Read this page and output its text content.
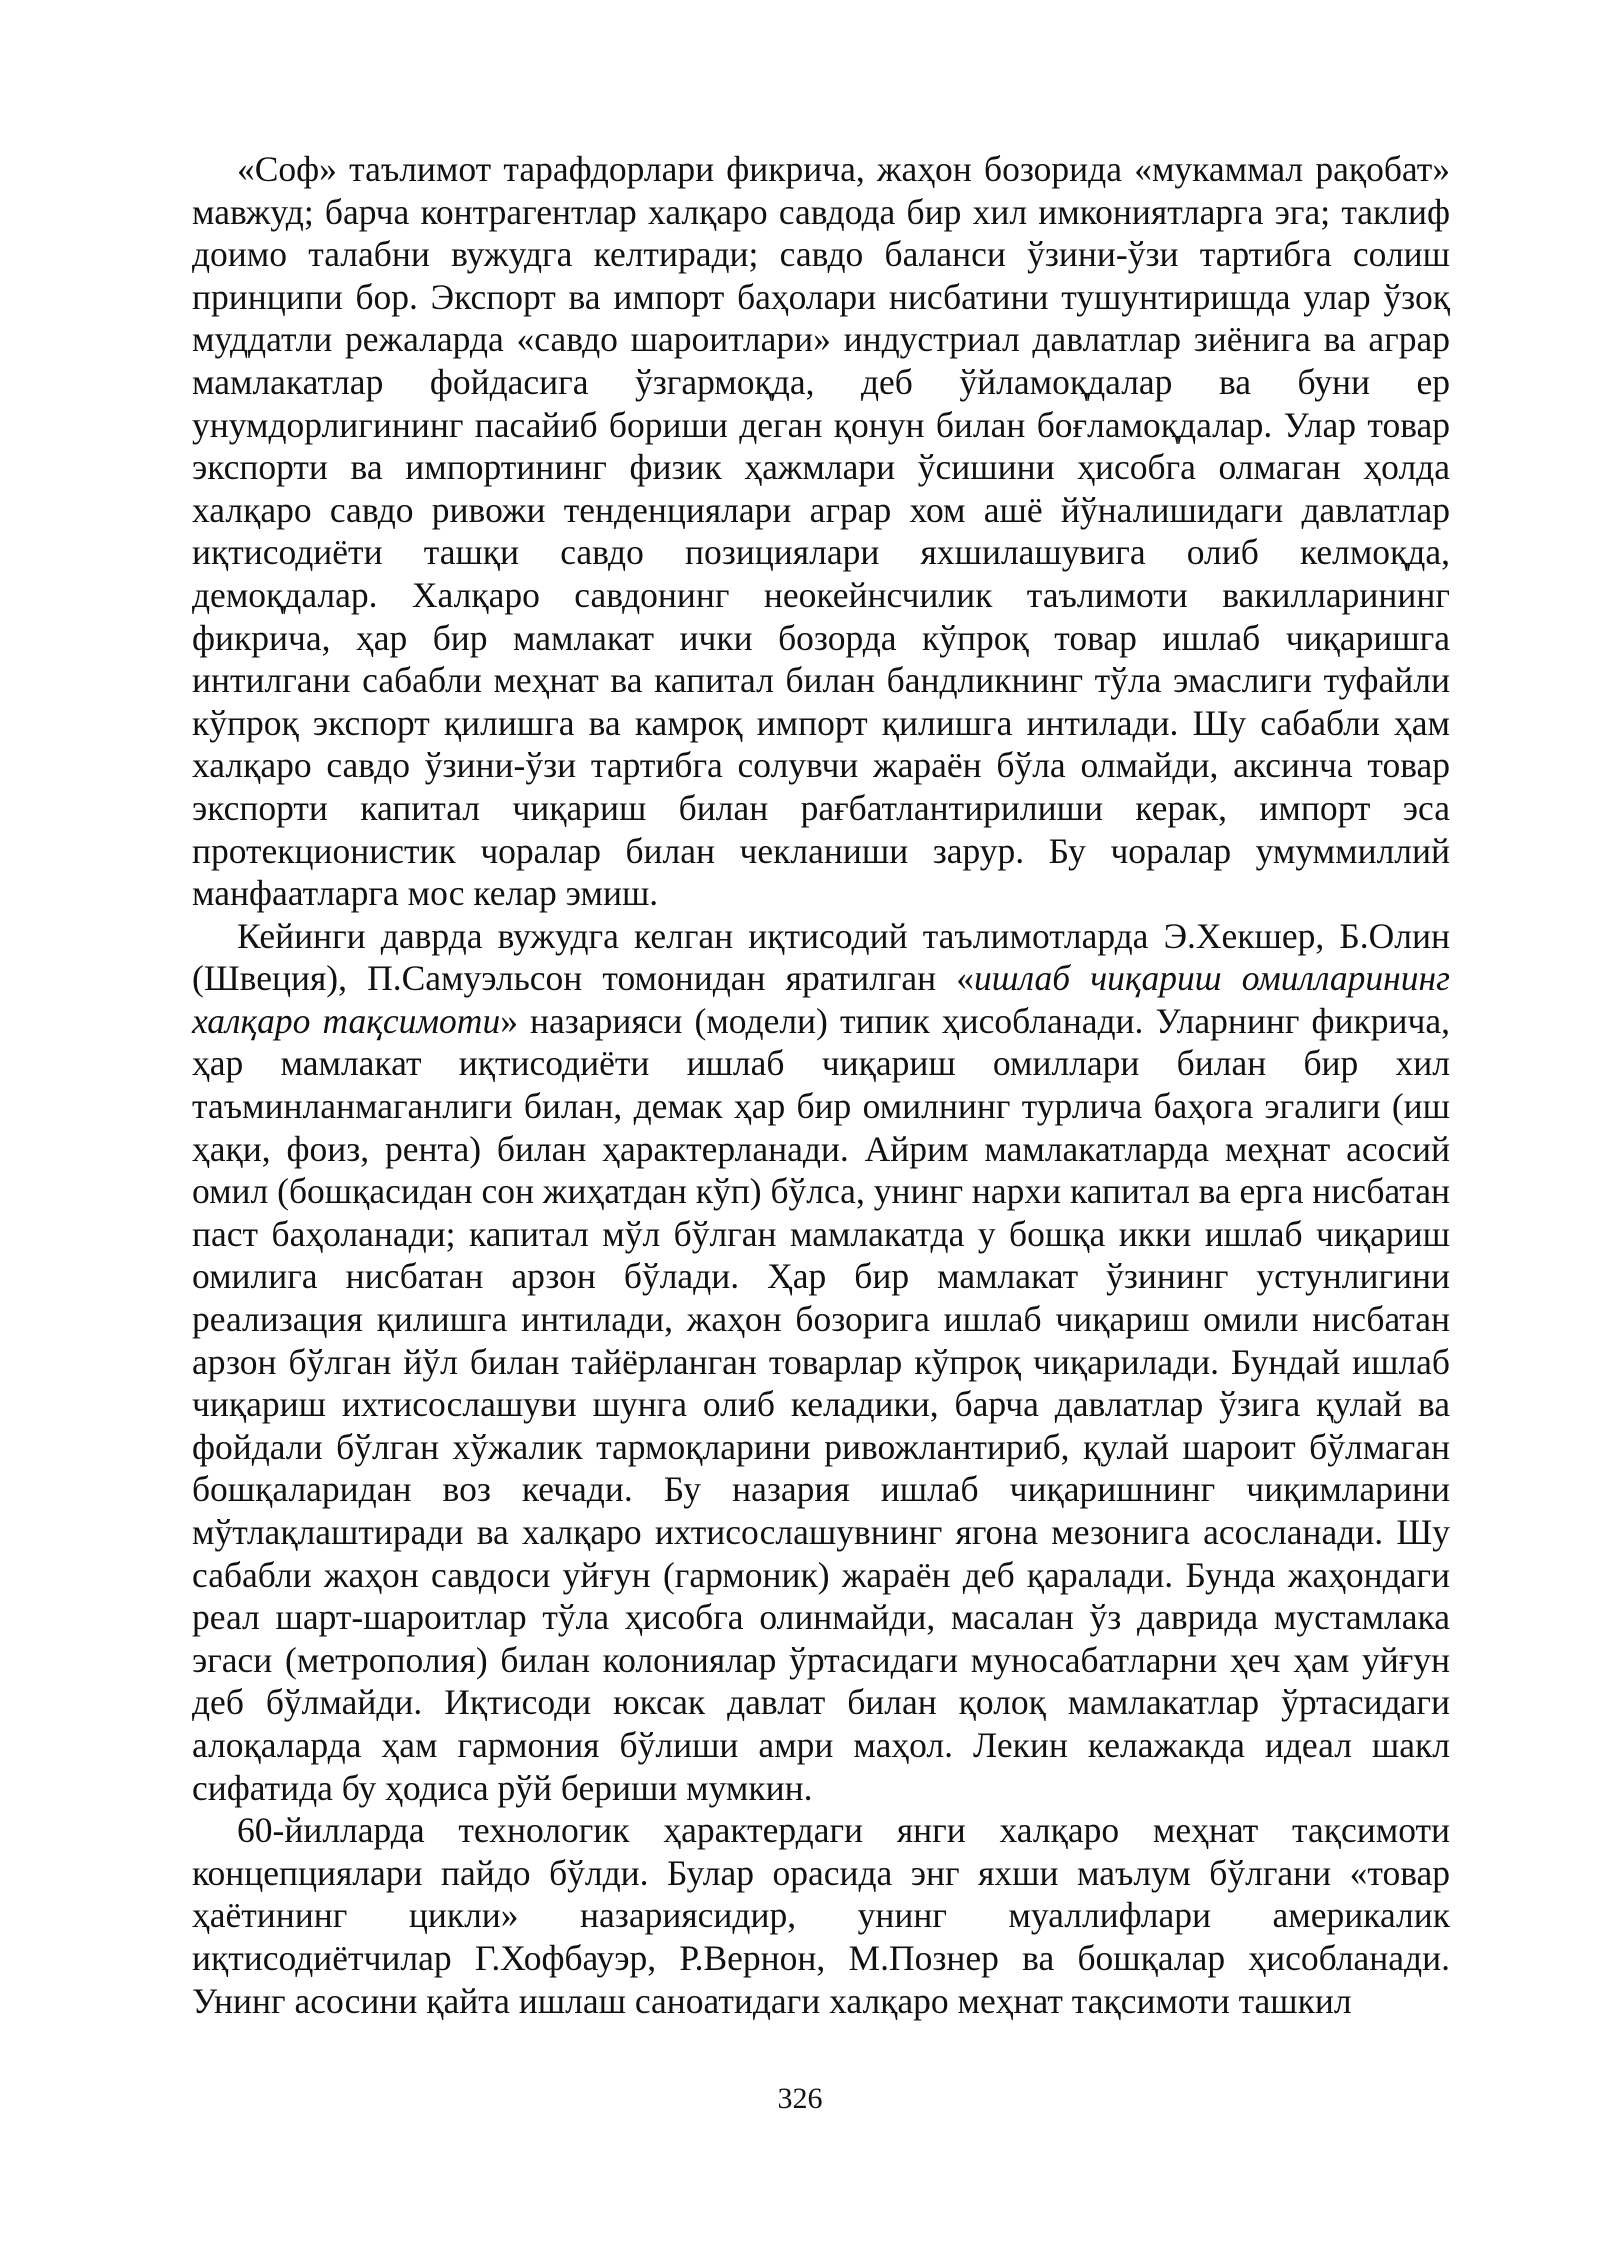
«Соф» таълимот тарафдорлари фикрича, жаҳон бозорида «мукаммал рақобат» мавжуд; барча контрагентлар халқаро савдода бир хил имкониятларга эга; таклиф доимо талабни вужудга келтиради; савдо баланси ўзини-ўзи тартибга солиш принципи бор. Экспорт ва импорт баҳолари нисбатини тушунтиришда улар ўзоқ муддатли режаларда «савдо шароитлари» индустриал давлатлар зиёнига ва аграр мамлакатлар фойдасига ўзгармоқда, деб ўйламоқдалар ва буни ер унумдорлигининг пасайиб бориши деган қонун билан боғламоқдалар. Улар товар экспорти ва импортининг физик ҳажмлари ўсишини ҳисобга олмаган ҳолда халқаро савдо ривожи тенденциялари аграр хом ашё йўналишидаги давлатлар иқтисодиёти ташқи савдо позициялари яхшилашувига олиб келмоқда, демоқдалар. Халқаро савдонинг неокейнсчилик таълимоти вакилларининг фикрича, ҳар бир мамлакат ички бозорда кўпроқ товар ишлаб чиқаришга интилгани сабабли меҳнат ва капитал билан бандликнинг тўла эмаслиги туфайли кўпроқ экспорт қилишга ва камроқ импорт қилишга интилади. Шу сабабли ҳам халқаро савдо ўзини-ўзи тартибга солувчи жараён бўла олмайди, аксинча товар экспорти капитал чиқариш билан рағбатлантирилиши керак, импорт эса протекционистик чоралар билан чекланиши зарур. Бу чоралар умуммиллий манфаатларга мос келар эмиш.

Кейинги даврда вужудга келган иқтисодий таълимотларда Э.Хекшер, Б.Олин (Швеция), П.Самуэльсон томонидан яратилган «ишлаб чиқариш омилларининг халқаро тақсимоти» назарияси (модели) типик ҳисобланади. Уларнинг фикрича, ҳар мамлакат иқтисодиёти ишлаб чиқариш омиллари билан бир хил таъминланмаганлиги билан, демак ҳар бир омилнинг турлича баҳога эгалиги (иш ҳақи, фоиз, рента) билан ҳарактерланади. Айрим мамлакатларда меҳнат асосий омил (бошқасидан сон жиҳатдан кўп) бўлса, унинг нархи капитал ва ерга нисбатан паст баҳоланади; капитал мўл бўлган мамлакатда у бошқа икки ишлаб чиқариш омилига нисбатан арзон бўлади. Ҳар бир мамлакат ўзининг устунлигини реализация қилишга интилади, жаҳон бозорига ишлаб чиқариш омили нисбатан арзон бўлган йўл билан тайёрланган товарлар кўпроқ чиқарилади. Бундай ишлаб чиқариш ихтисослашуви шунга олиб келадики, барча давлатлар ўзига қулай ва фойдали бўлган хўжалик тармоқларини ривожлантириб, қулай шароит бўлмаган бошқаларидан воз кечади. Бу назария ишлаб чиқаришнинг чиқимларини мўтлақлаштиради ва халқаро ихтисослашувнинг ягона мезонига асосланади. Шу сабабли жаҳон савдоси уйғун (гармоник) жараён деб қаралади. Бунда жаҳондаги реал шарт-шароитлар тўла ҳисобга олинмайди, масалан ўз даврида мустамлака эгаси (метрополия) билан колониялар ўртасидаги муносабатларни ҳеч ҳам уйғун деб бўлмайди. Иқтисоди юксак давлат билан қолоқ мамлакатлар ўртасидаги алоқаларда ҳам гармония бўлиши амри маҳол. Лекин келажакда идеал шакл сифатида бу ҳодиса рўй бериши мумкин.

60-йилларда технологик ҳарактердаги янги халқаро меҳнат тақсимоти концепциялари пайдо бўлди. Булар орасида энг яхши маълум бўлгани «товар ҳаётининг цикли» назариясидир, унинг муаллифлари америкалик иқтисодиётчилар Г.Хофбауэр, Р.Вернон, М.Познер ва бошқалар ҳисобланади. Унинг асосини қайта ишлаш саноатидаги халқаро меҳнат тақсимоти ташкил

326
